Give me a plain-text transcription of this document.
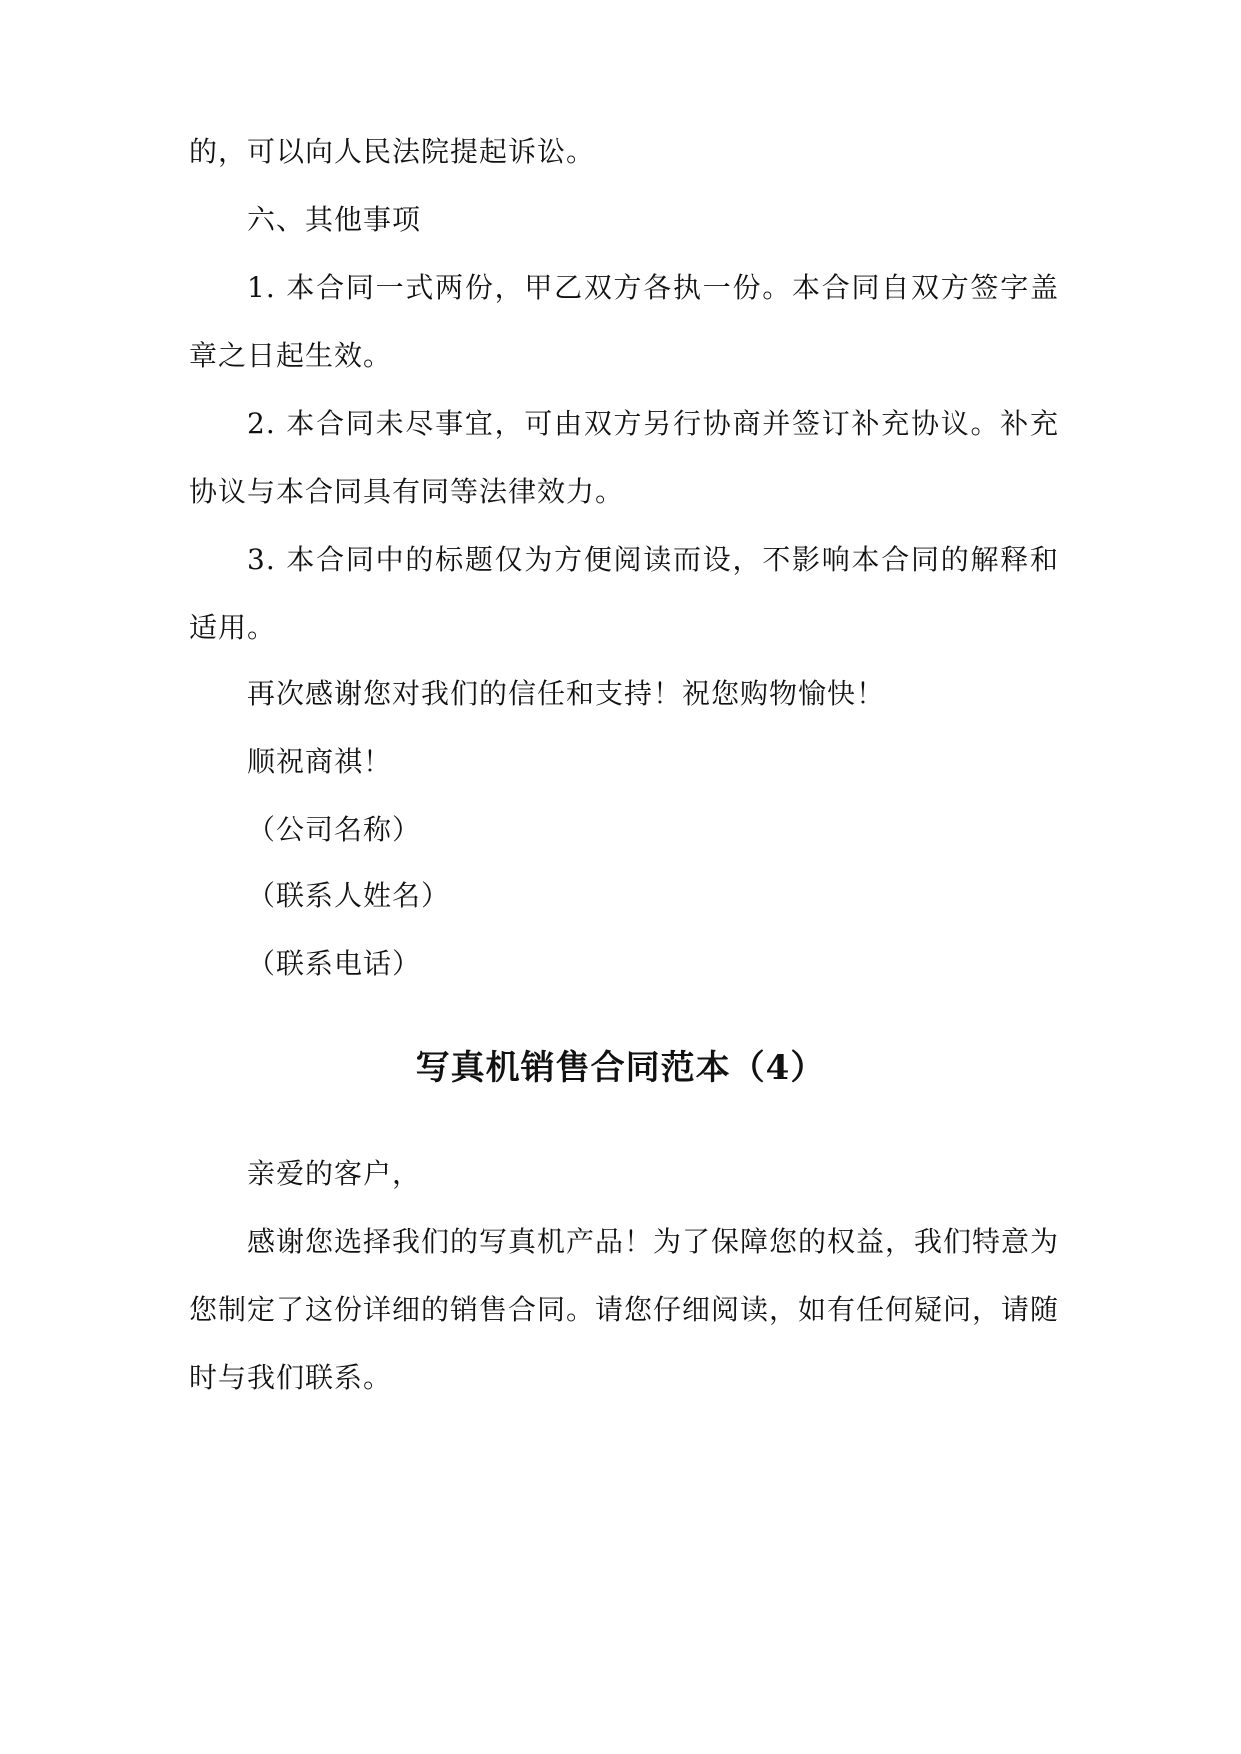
的，可以向人民法院提起诉讼。
六、其他事项
1. 本合同一式两份，甲乙双方各执一份。本合同自双方签字盖
章之日起生效。
2. 本合同未尽事宜，可由双方另行协商并签订补充协议。补充
协议与本合同具有同等法律效力。
3. 本合同中的标题仅为方便阅读而设，不影响本合同的解释和
适用。
再次感谢您对我们的信任和支持！祝您购物愉快！
顺祝商祺！
（公司名称）
（联系人姓名）
（联系电话）
写真机销售合同范本（4）
亲爱的客户，
感谢您选择我们的写真机产品！为了保障您的权益，我们特意为
您制定了这份详细的销售合同。请您仔细阅读，如有任何疑问，请随
时与我们联系。
